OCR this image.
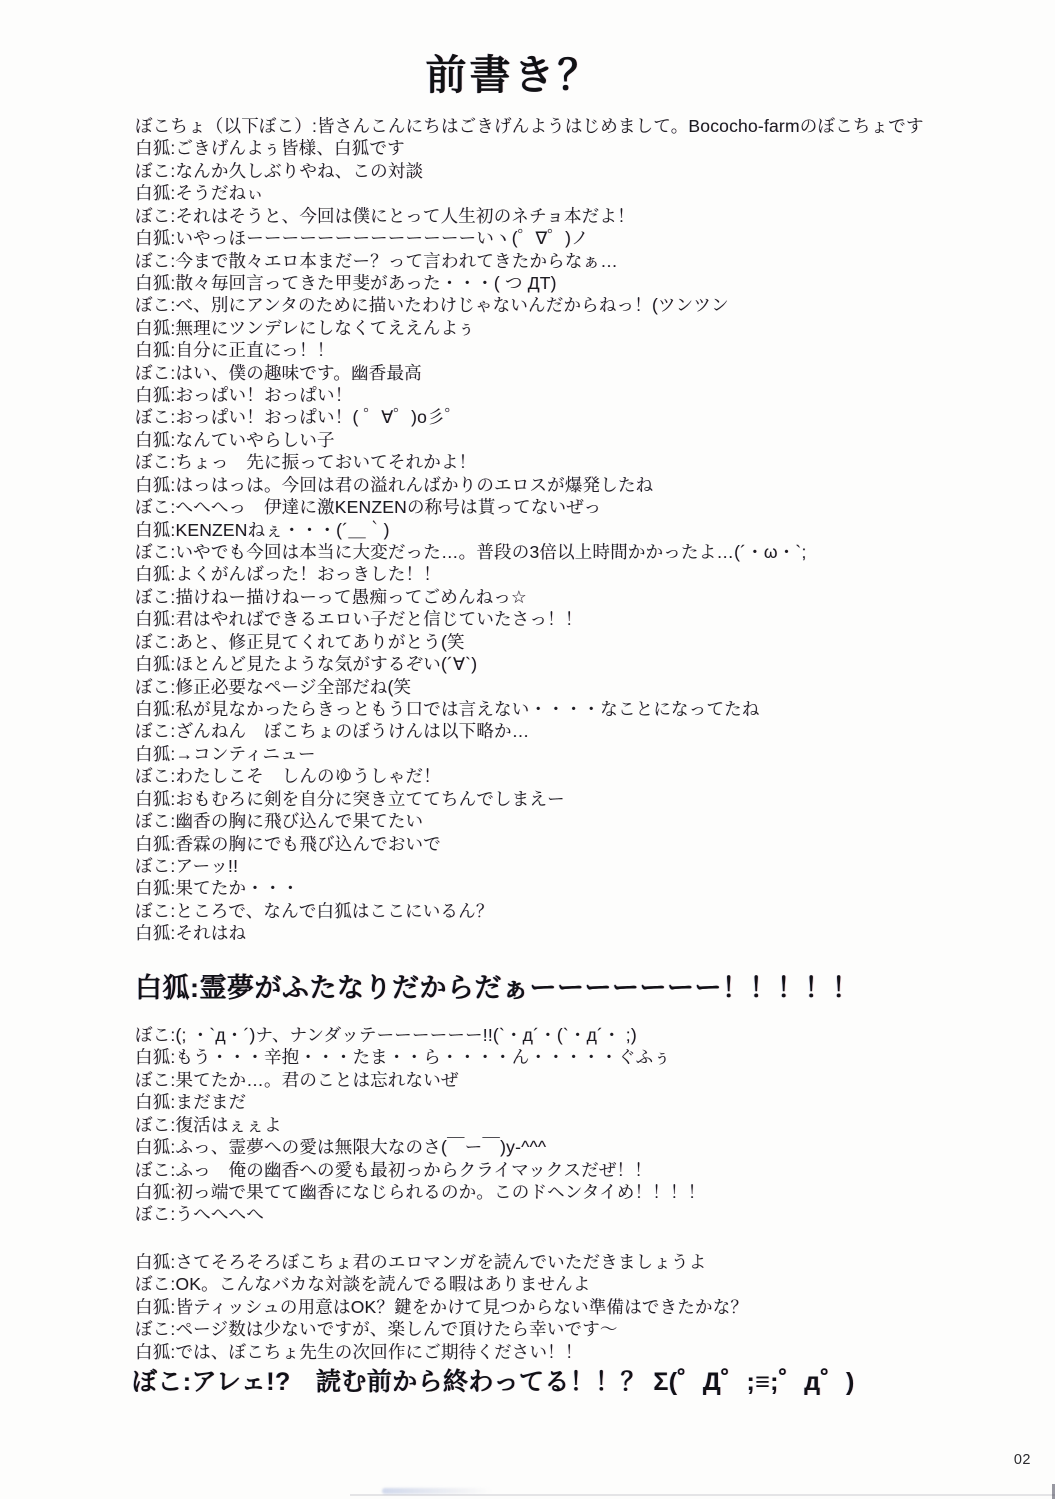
前書き？
ぼこちょ（以下ぼこ）:皆さんこんにちはごきげんようはじめまして。Bococho-farmのぼこちょです
白狐:ごきげんよぅ皆様、白狐です
ぼこ:なんか久しぶりやね、この対談
白狐:そうだねぃ
ぼこ:それはそうと、今回は僕にとって人生初のネチョ本だよ！
白狐:いやっほーーーーーーーーーーーーーいヽ(゜∇゜)ノ
ぼこ:今まで散々エロ本まだー？って言われてきたからなぁ…
白狐:散々毎回言ってきた甲斐があった・・・( つ ДT)
ぼこ:べ、別にアンタのために描いたわけじゃないんだからねっ！(ツンツン
白狐:無理にツンデレにしなくてええんよぅ
白狐:自分に正直にっ！！
ぼこ:はい、僕の趣味です。幽香最高
白狐:おっぱい！おっぱい！
ぼこ:おっぱい！おっぱい！( ゜∀゜)o彡゜
白狐:なんていやらしい子
ぼこ:ちょっ　先に振っておいてそれかよ！
白狐:はっはっは。今回は君の溢れんばかりのエロスが爆発したね
ぼこ:へへへっ　伊達に激KENZENの称号は貰ってないぜっ
白狐:KENZENねぇ・・・(´＿｀)
ぼこ:いやでも今回は本当に大変だった…。普段の3倍以上時間かかったよ…(´・ω・`;
白狐:よくがんばった！おっきした！！
ぼこ:描けねー描けねーって愚痴ってごめんねっ☆
白狐:君はやればできるエロい子だと信じていたさっ！！
ぼこ:あと、修正見てくれてありがとう(笑
白狐:ほとんど見たような気がするぞい(´∀`)
ぼこ:修正必要なページ全部だね(笑
白狐:私が見なかったらきっともう口では言えない・・・・なことになってたね
ぼこ:ざんねん　ぼこちょのぼうけんは以下略か…
白狐:→コンティニュー
ぼこ:わたしこそ　しんのゆうしゃだ！
白狐:おもむろに剣を自分に突き立ててちんでしまえー
ぼこ:幽香の胸に飛び込んで果てたい
白狐:香霖の胸にでも飛び込んでおいで
ぼこ:アーッ!!
白狐:果てたか・・・
ぼこ:ところで、なんで白狐はここにいるん？
白狐:それはね
白狐:霊夢がふたなりだからだぁーーーーーーー！！！！！
ぼこ:(; ・`д・´)ナ、ナンダッテーーーーーー!!(`・д´・(`・д´・ ;)
白狐:もう・・・辛抱・・・たま・・ら・・・・ん・・・・・ぐふぅ
ぼこ:果てたか…。君のことは忘れないぜ
白狐:まだまだ
ぼこ:復活はぇぇよ
白狐:ふっ、霊夢への愛は無限大なのさ(￣ー￣)y-^^^
ぼこ:ふっ　俺の幽香への愛も最初っからクライマックスだぜ！！
白狐:初っ端で果てて幽香になじられるのか。このドヘンタイめ！！！！
ぼこ:うへへへへ
白狐:さてそろそろぼこちょ君のエロマンガを読んでいただきましょうよ
ぼこ:OK。こんなバカな対談を読んでる暇はありませんよ
白狐:皆ティッシュの用意はOK？鍵をかけて見つからない準備はできたかな？
ぼこ:ページ数は少ないですが、楽しんで頂けたら幸いです～
白狐:では、ぼこちょ先生の次回作にご期待ください！！
ぼこ:アレェ!?　読む前から終わってる！！？ Σ(゜Д゜;≡;゜д゜)
02
